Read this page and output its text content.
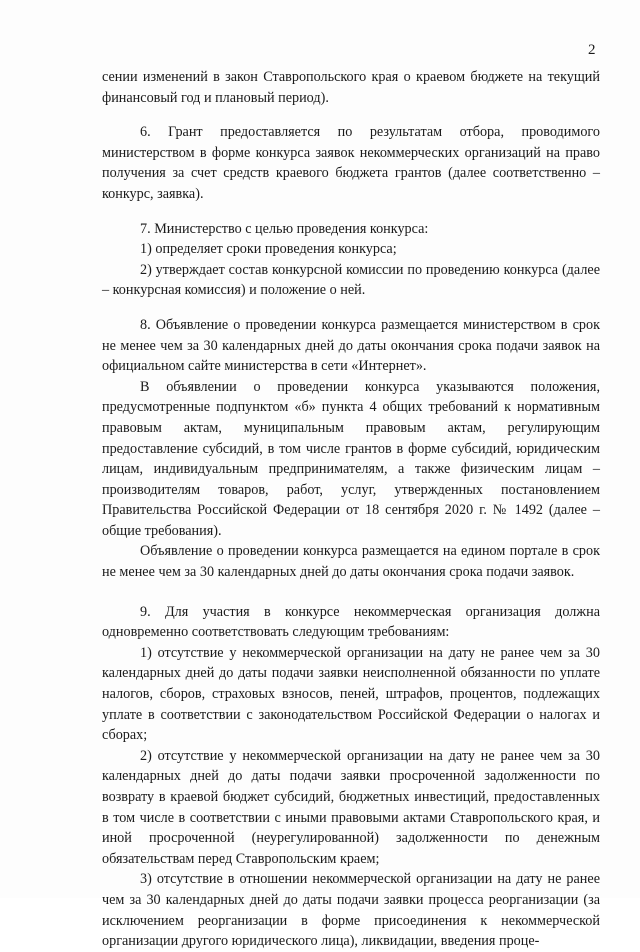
2

сении изменений в закон Ставропольского края о краевом бюджете на текущий финансовый год и плановый период).

6. Грант предоставляется по результатам отбора, проводимого министерством в форме конкурса заявок некоммерческих организаций на право получения за счет средств краевого бюджета грантов (далее соответственно – конкурс, заявка).

7. Министерство с целью проведения конкурса:

1) определяет сроки проведения конкурса;

2) утверждает состав конкурсной комиссии по проведению конкурса (далее – конкурсная комиссия) и положение о ней.

8. Объявление о проведении конкурса размещается министерством в срок не менее чем за 30 календарных дней до даты окончания срока подачи заявок на официальном сайте министерства в сети «Интернет».

В объявлении о проведении конкурса указываются положения, предусмотренные подпунктом «б» пункта 4 общих требований к нормативным правовым актам, муниципальным правовым актам, регулирующим предоставление субсидий, в том числе грантов в форме субсидий, юридическим лицам, индивидуальным предпринимателям, а также физическим лицам – производителям товаров, работ, услуг, утвержденных постановлением Правительства Российской Федерации от 18 сентября 2020 г. № 1492 (далее – общие требования).

Объявление о проведении конкурса размещается на едином портале в срок не менее чем за 30 календарных дней до даты окончания срока подачи заявок.

9. Для участия в конкурсе некоммерческая организация должна одновременно соответствовать следующим требованиям:

1) отсутствие у некоммерческой организации на дату не ранее чем за 30 календарных дней до даты подачи заявки неисполненной обязанности по уплате налогов, сборов, страховых взносов, пеней, штрафов, процентов, подлежащих уплате в соответствии с законодательством Российской Федерации о налогах и сборах;

2) отсутствие у некоммерческой организации на дату не ранее чем за 30 календарных дней до даты подачи заявки просроченной задолженности по возврату в краевой бюджет субсидий, бюджетных инвестиций, предоставленных в том числе в соответствии с иными правовыми актами Ставропольского края, и иной просроченной (неурегулированной) задолженности по денежным обязательствам перед Ставропольским краем;

3) отсутствие в отношении некоммерческой организации на дату не ранее чем за 30 календарных дней до даты подачи заявки процесса реорганизации (за исключением реорганизации в форме присоединения к некоммерческой организации другого юридического лица), ликвидации, введения проце-
